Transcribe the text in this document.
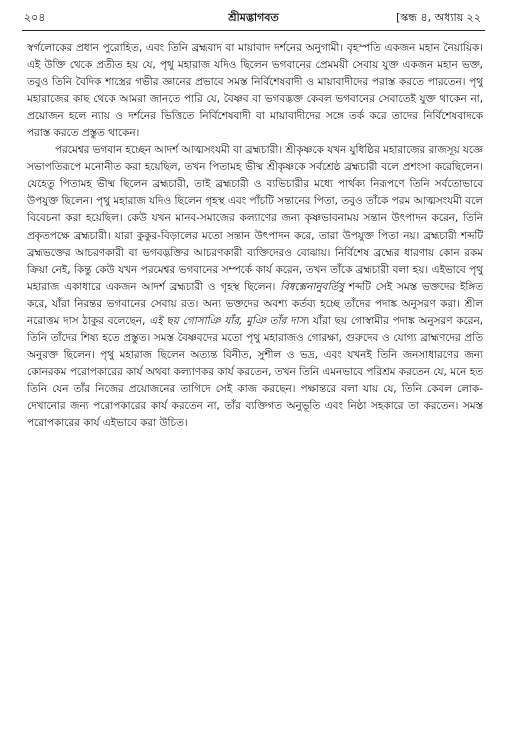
২০৪	শ্রীমদ্ভাগবত	[স্কন্ধ ৪, অধ্যায় ২২

স্বর্গলোকের প্রধান পুরোহিত, এবং তিনি ব্রহ্মবাদ বা মায়াবাদ দর্শনের অনুগামী। বৃহস্পতি একজন মহান নৈয়ায়িক। এই উক্তি থেকে প্রতীত হয় যে, পৃথু মহারাজ যদিও ছিলেন ভগবানের প্রেমময়ী সেবায় যুক্ত একজন মহান ভক্ত, তবুও তিনি বৈদিক শাস্ত্রের গভীর জ্ঞানের প্রভাবে সমস্ত নির্বিশেষবাদী ও মায়াবাদীদের পরাস্ত করতে পারতেন। পৃথু মহারাজের কাছ থেকে আমরা জানতে পারি যে, বৈষ্ণব বা ভগবদ্ভক্ত কেবল ভগবানের সেবাতেই যুক্ত থাকেন না, প্রয়োজন হলে ন্যায় ও দর্শনের ভিত্তিতে নির্বিশেষবাদী বা মায়াবাদীদের সঙ্গে তর্ক করে তাদের নির্বিশেষবাদকে পরাস্ত করতে প্রস্তুত থাকেন।

পরমেশ্বর ভগবান হচ্ছেন আদর্শ আত্মসংযমী বা ব্রহ্মচারী। শ্রীকৃষ্ণকে যখন যুধিষ্ঠির মহারাজের রাজসূয় যজ্ঞে সভাপতিরূপে মনোনীত করা হয়েছিল, তখন পিতামহ ভীষ্ম শ্রীকৃষ্ণকে সর্বশ্রেষ্ঠ ব্রহ্মচারী বলে প্রশংসা করেছিলেন। যেহেতু পিতামহ ভীষ্ম ছিলেন ব্রহ্মচারী, তাই ব্রহ্মচারী ও ব্যভিচারীর মধ্যে পার্থক্য নিরূপণে তিনি সর্বতোভাবে উপযুক্ত ছিলেন। পৃথু মহারাজ যদিও ছিলেন গৃহস্থ এবং পাঁচটি সন্তানের পিতা, তবুও তাঁকে পরম আত্মসংযমী বলে বিবেচনা করা হয়েছিল। কেউ যখন মানব-সমাজের কল্যাণের জন্য কৃষ্ণভাবনাময় সন্তান উৎপাদন করেন, তিনি প্রকৃতপক্ষে ব্রহ্মচারী। যারা কুকুর-বিড়ালের মতো সন্তান উৎপাদন করে, তারা উপযুক্ত পিতা নয়। ব্রহ্মচারী শব্দটি ব্রহ্মভক্তের আচরণকারী বা ভগবদ্ভক্তির আচরণকারী ব্যক্তিদেরও বোঝায়। নির্বিশেষ ব্রহ্মের ধারণায় কোন রকম ক্রিয়া নেই, কিন্তু কেউ যখন পরমেশ্বর ভগবানের সম্পর্কে কার্য করেন, তখন তাঁকে ব্রহ্মচারী বলা হয়। এইভাবে পৃথু মহারাজ একাধারে একজন আদর্শ ব্রহ্মচারী ও গৃহস্থ ছিলেন। বিষ্বক্সেনানুবর্তিষু শব্দটি সেই সমস্ত ভক্তদের ইঙ্গিত করে, যাঁরা নিরন্তর ভগবানের সেবায় রত। অন্য ভক্তদের অবশ্য কর্তব্য হচ্ছে তাঁদের পদাঙ্ক অনুসরণ করা। শ্রীল নরোত্তম দাস ঠাকুর বলেছেন, এই ছয় গোসাঞি যাঁর, মুঞি তাঁর দাস। যাঁরা ছয় গোস্বামীর পদাঙ্ক অনুসরণ করেন, তিনি তাঁদের শিষ্য হতে প্রস্তুত। সমস্ত বৈষ্ণবদের মতো পৃথু মহারাজও গোরক্ষা, গুরুদেব ও যোগ্য ব্রাহ্মণদের প্রতি অনুরক্ত ছিলেন। পৃথু মহারাজ ছিলেন অত্যন্ত বিনীত, সুশীল ও ভদ্র, এবং যখনই তিনি জনসাধারণের জন্য কোনরকম পরোপকারের কার্য অথবা কল্যাণকর কার্য করতেন, তখন তিনি এমনভাবে পরিশ্রম করতেন যে, মনে হত তিনি যেন তাঁর নিজের প্রয়োজনের তাগিদে সেই কাজ করছেন। পক্ষান্তরে বলা যায় যে, তিনি কেবল লোক-দেখানোর জন্য পরোপকারের কার্য করতেন না, তাঁর ব্যক্তিগত অনুভূতি এবং নিষ্ঠা সহকারে তা করতেন। সমস্ত পরোপকারের কার্য এইভাবে করা উচিত।
